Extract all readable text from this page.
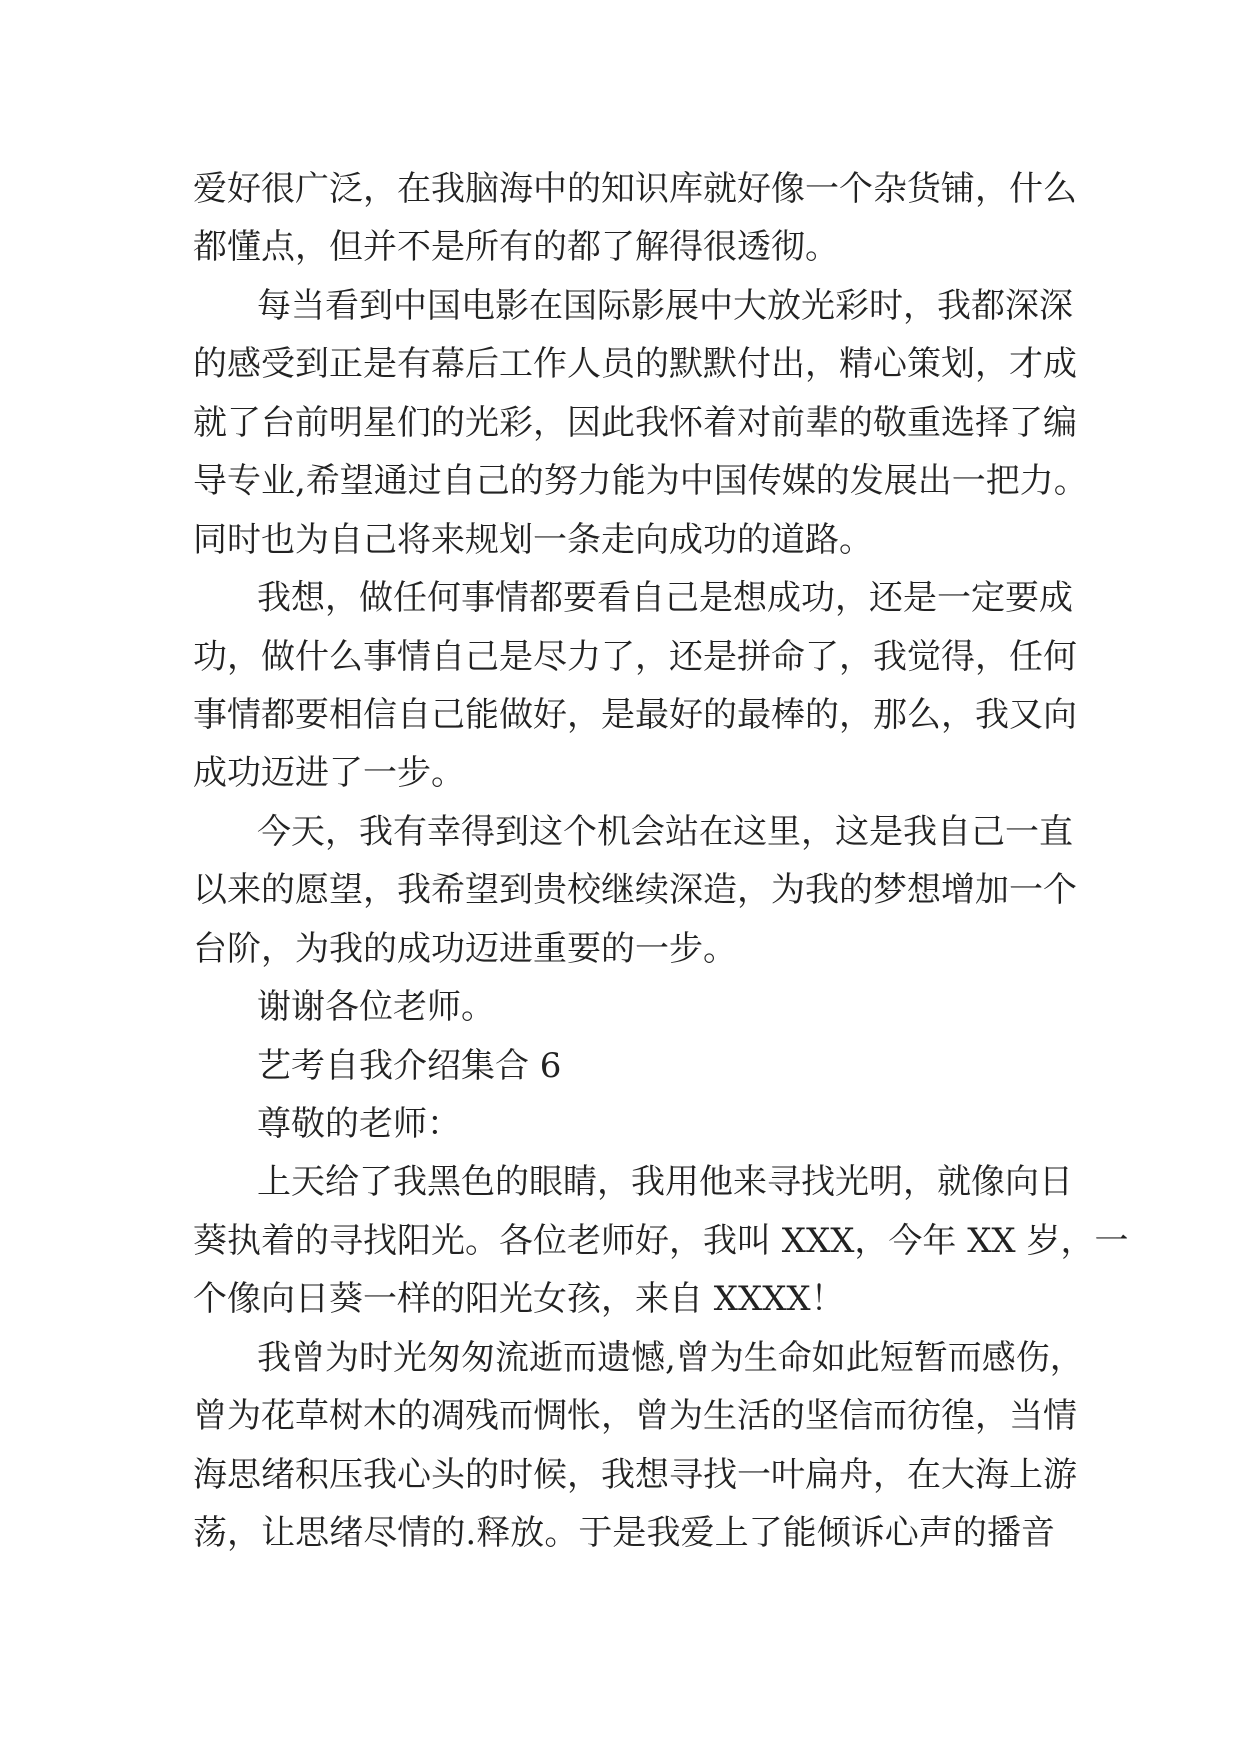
爱好很广泛，在我脑海中的知识库就好像一个杂货铺，什么
都懂点，但并不是所有的都了解得很透彻。
每当看到中国电影在国际影展中大放光彩时，我都深深
的感受到正是有幕后工作人员的默默付出，精心策划，才成
就了台前明星们的光彩，因此我怀着对前辈的敬重选择了编
导专业,希望通过自己的努力能为中国传媒的发展出一把力。
同时也为自己将来规划一条走向成功的道路。
我想，做任何事情都要看自己是想成功，还是一定要成
功，做什么事情自己是尽力了，还是拼命了，我觉得，任何
事情都要相信自己能做好，是最好的最棒的，那么，我又向
成功迈进了一步。
今天，我有幸得到这个机会站在这里，这是我自己一直
以来的愿望，我希望到贵校继续深造，为我的梦想增加一个
台阶，为我的成功迈进重要的一步。
谢谢各位老师。
艺考自我介绍集合 6
尊敬的老师：
上天给了我黑色的眼睛，我用他来寻找光明，就像向日
葵执着的寻找阳光。各位老师好，我叫 XXX，今年 XX 岁，一
个像向日葵一样的阳光女孩，来自 XXXX！
我曾为时光匆匆流逝而遗憾,曾为生命如此短暂而感伤，
曾为花草树木的凋残而惆怅，曾为生活的坚信而彷徨，当情
海思绪积压我心头的时候，我想寻找一叶扁舟，在大海上游
荡，让思绪尽情的.释放。于是我爱上了能倾诉心声的播音
